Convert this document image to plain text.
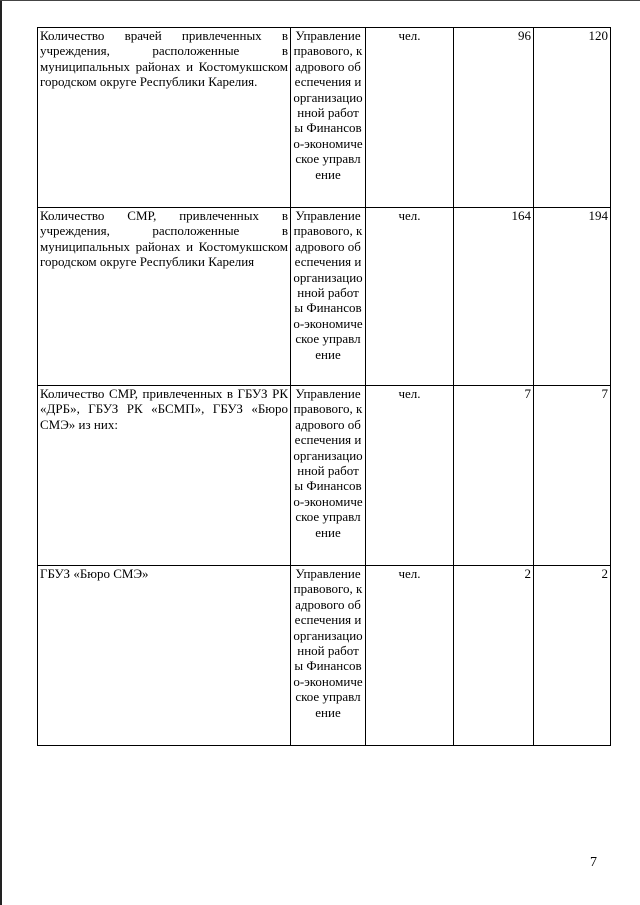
Количество врачей привлеченных в учреждения, расположенные в муниципальных районах и Костомукшском городском округе Республики Карелия.	Управление правового, кадрового обеспечения и организационной работы Финансово-экономическое управление	чел.	96	120
Количество СМР, привлеченных в учреждения, расположенные в муниципальных районах и Костомукшском городском округе Республики Карелия	Управление правового, кадрового обеспечения и организационной работы Финансово-экономическое управление	чел.	164	194
Количество СМР, привлеченных в ГБУЗ РК «ДРБ», ГБУЗ РК «БСМП», ГБУЗ «Бюро СМЭ» из них:	Управление правового, кадрового обеспечения и организационной работы Финансово-экономическое управление	чел.	7	7
ГБУЗ «Бюро СМЭ»	Управление правового, кадрового обеспечения и организационной работы Финансово-экономическое управление	чел.	2	2
7
